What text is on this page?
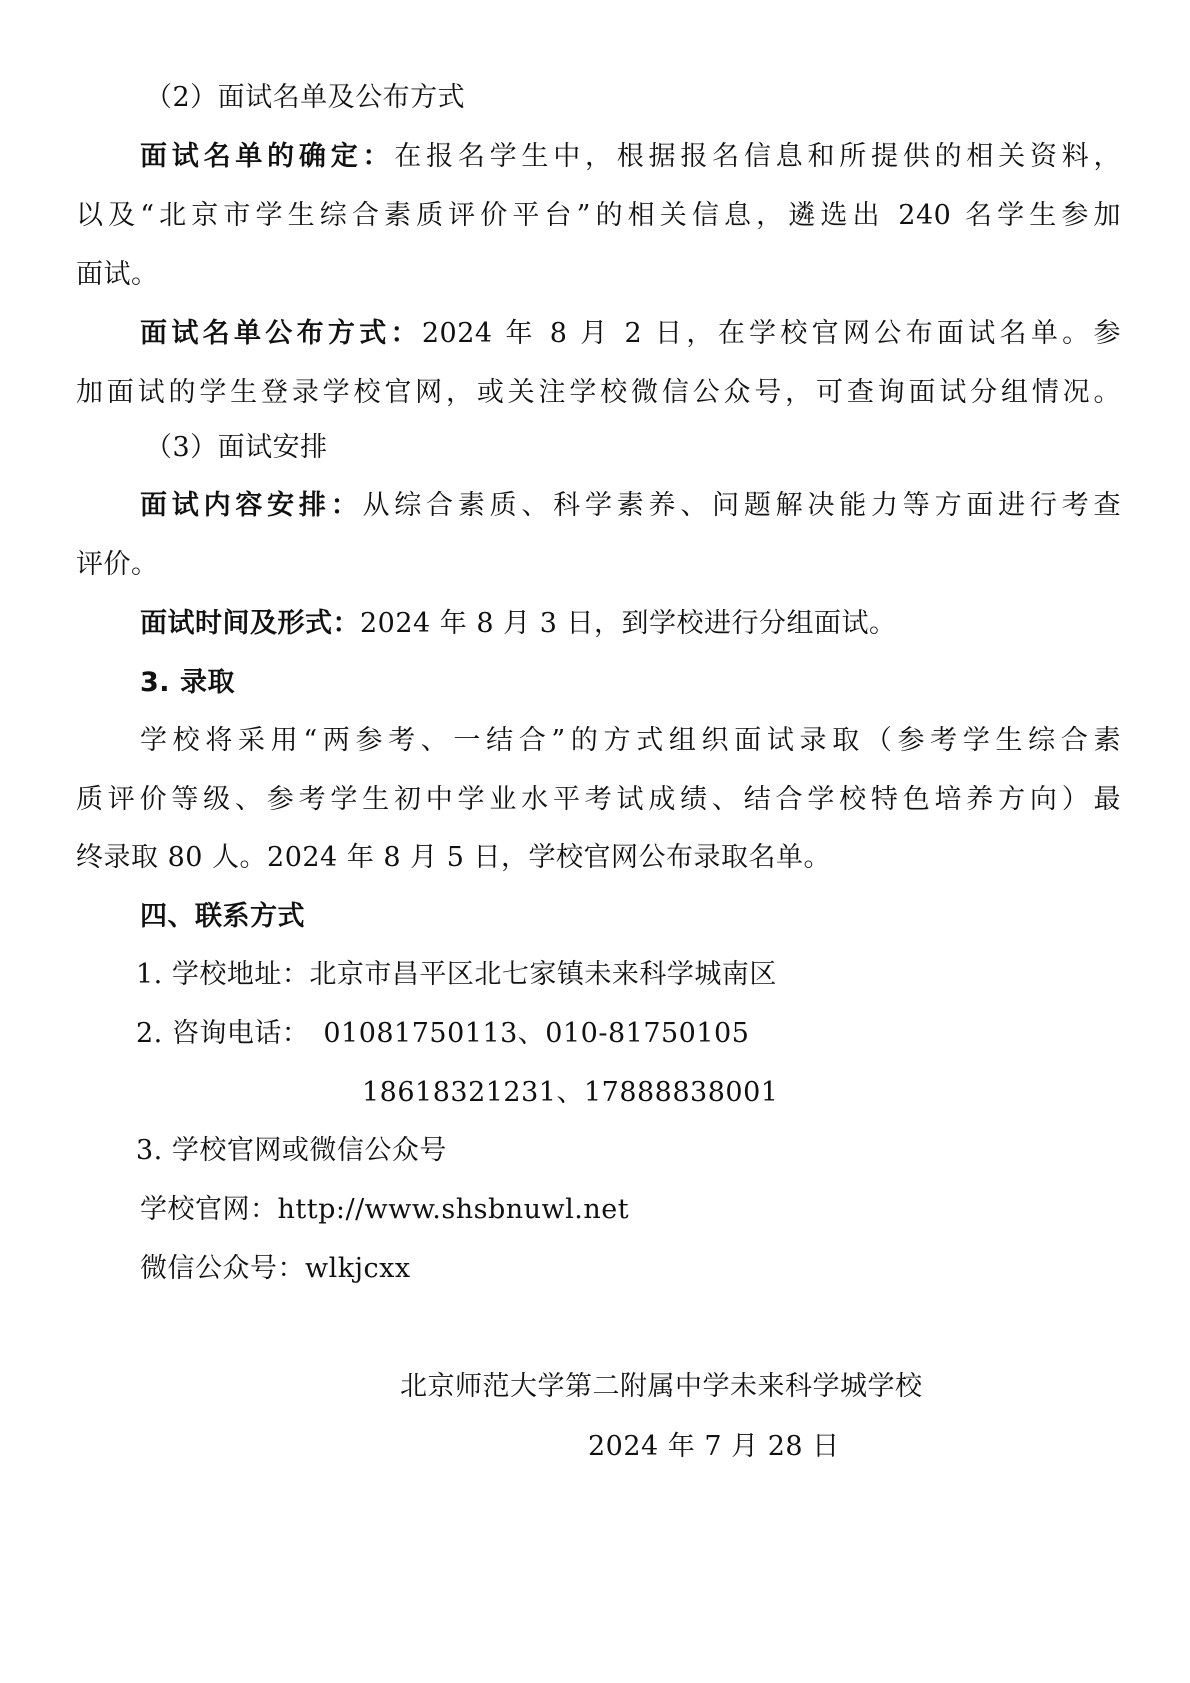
（2）面试名单及公布方式
面试名单的确定：在报名学生中，根据报名信息和所提供的相关资料，
以及“北京市学生综合素质评价平台”的相关信息，遴选出 240 名学生参加
面试。
面试名单公布方式：2024 年 8 月 2 日，在学校官网公布面试名单。参
加面试的学生登录学校官网，或关注学校微信公众号，可查询面试分组情况。
（3）面试安排
面试内容安排：从综合素质、科学素养、问题解决能力等方面进行考查
评价。
面试时间及形式：2024 年 8 月 3 日，到学校进行分组面试。
3. 录取
学校将采用“两参考、一结合”的方式组织面试录取（参考学生综合素
质评价等级、参考学生初中学业水平考试成绩、结合学校特色培养方向）最
终录取 80 人。2024 年 8 月 5 日，学校官网公布录取名单。
四、联系方式
1. 学校地址：北京市昌平区北七家镇未来科学城南区
2. 咨询电话： 01081750113、010-81750105
18618321231、17888838001
3. 学校官网或微信公众号
学校官网：http://www.shsbnuwl.net
微信公众号：wlkjcxx
北京师范大学第二附属中学未来科学城学校
2024 年 7 月 28 日
